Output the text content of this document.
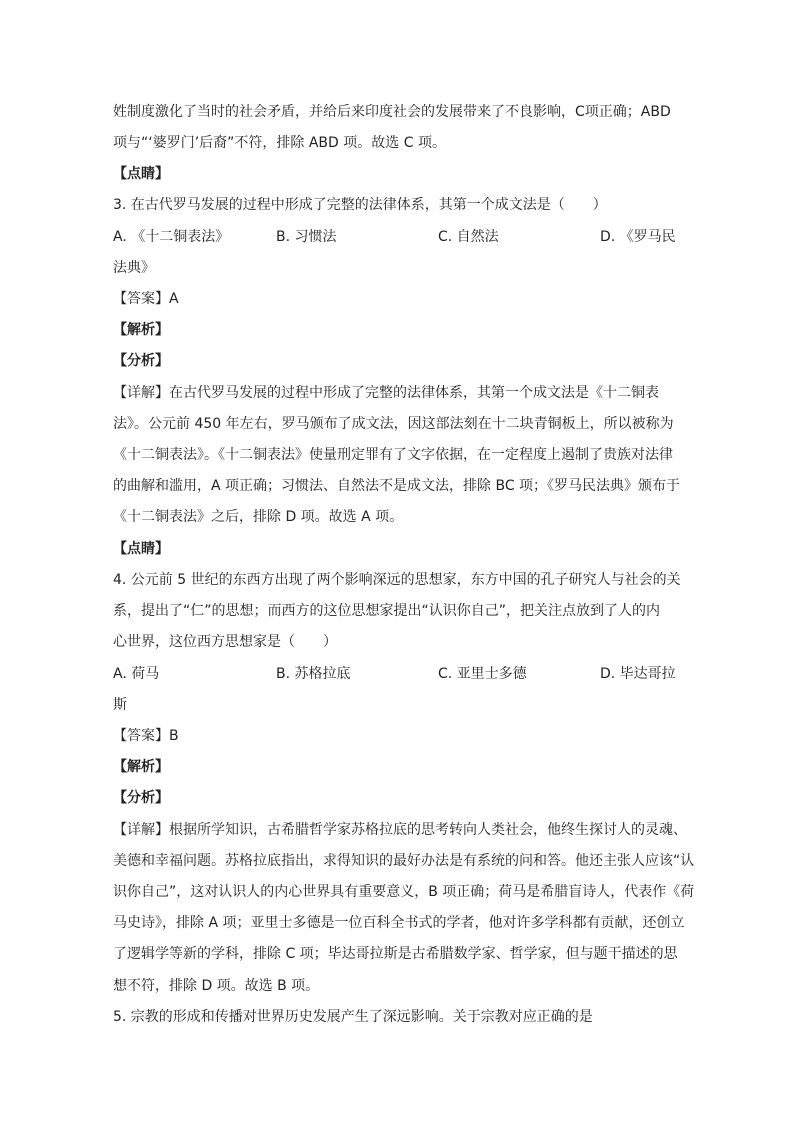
姓制度激化了当时的社会矛盾，并给后来印度社会的发展带来了不良影响，C项正确；ABD
项与“‘婆罗门’后裔”不符，排除 ABD 项。故选 C 项。
【点睛】
3. 在古代罗马发展的过程中形成了完整的法律体系，其第一个成文法是（　　）
A. 《十二铜表法》	B. 习惯法	C. 自然法	D. 《罗马民
法典》
【答案】A
【解析】
【分析】
【详解】在古代罗马发展的过程中形成了完整的法律体系，其第一个成文法是《十二铜表
法》。公元前 450 年左右，罗马颁布了成文法，因这部法刻在十二块青铜板上，所以被称为
《十二铜表法》。《十二铜表法》使量刑定罪有了文字依据，在一定程度上遏制了贵族对法律
的曲解和滥用，A 项正确；习惯法、自然法不是成文法，排除 BC 项；《罗马民法典》颁布于
《十二铜表法》之后，排除 D 项。故选 A 项。
【点睛】
4. 公元前 5 世纪的东西方出现了两个影响深远的思想家，东方中国的孔子研究人与社会的关
系，提出了“仁”的思想；而西方的这位思想家提出“认识你自己”，把关注点放到了人的内
心世界，这位西方思想家是（　　）
A. 荷马	B. 苏格拉底	C. 亚里士多德	D. 毕达哥拉
斯
【答案】B
【解析】
【分析】
【详解】根据所学知识，古希腊哲学家苏格拉底的思考转向人类社会，他终生探讨人的灵魂、
美德和幸福问题。苏格拉底指出，求得知识的最好办法是有系统的问和答。他还主张人应该“认
识你自己”，这对认识人的内心世界具有重要意义，B 项正确；荷马是希腊盲诗人，代表作《荷
马史诗》，排除 A 项；亚里士多德是一位百科全书式的学者，他对许多学科都有贡献，还创立
了逻辑学等新的学科，排除 C 项；毕达哥拉斯是古希腊数学家、哲学家，但与题干描述的思
想不符，排除 D 项。故选 B 项。
5. 宗教的形成和传播对世界历史发展产生了深远影响。关于宗教对应正确的是
